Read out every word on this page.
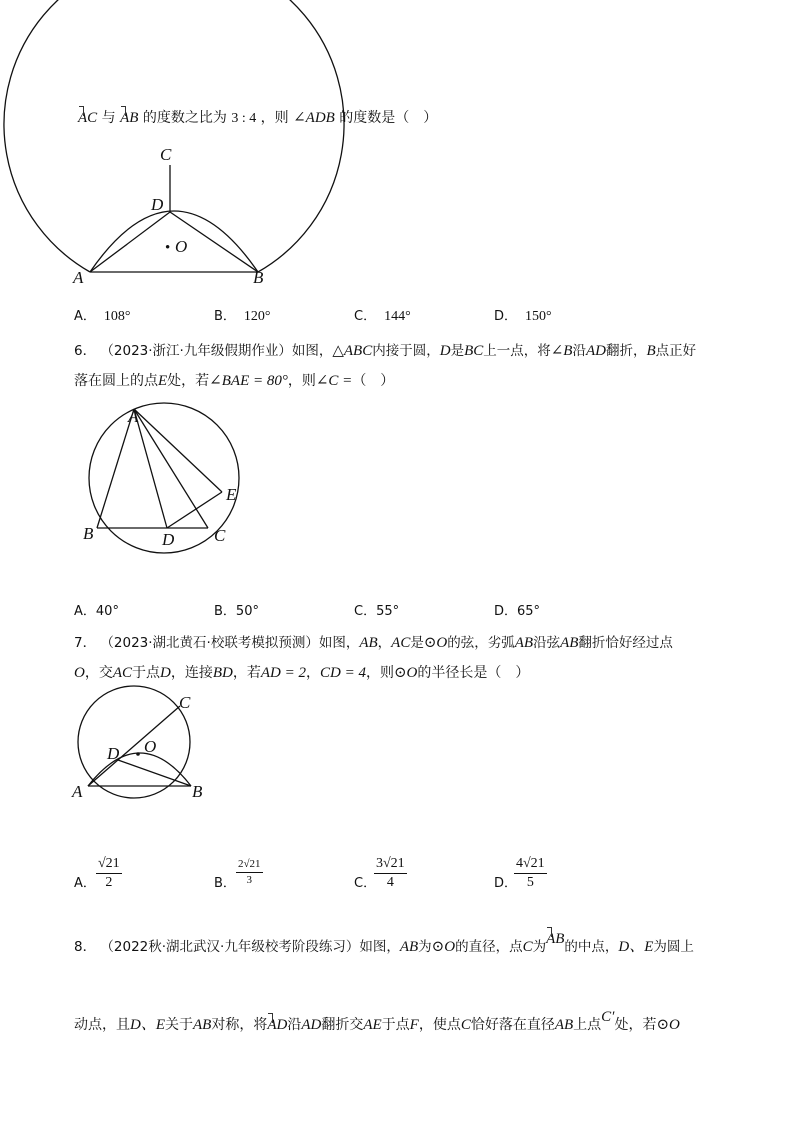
AC 与 AB 的度数之比为 3 : 4 ，则 ∠ADB 的度数是（　）
C
D
• O
A	B
A． 108°	B． 120°	C． 144°	D． 150°
6． （2023·浙江·九年级假期作业）如图，△ABC内接于圆，D是BC上一点，将∠B沿AD翻折，B点正好
落在圆上的点E处，若∠BAE = 80°，则∠C =（　）
A
B	C
D
E
A．40°	B．50°	C．55°	D．65°
7． （2023·湖北黄石·校联考模拟预测）如图，AB，AC是⊙O的弦，劣弧AB沿弦AB翻折恰好经过点
O，交AC于点D，连接BD，若AD = 2，CD = 4，则⊙O的半径长是（　）
C
D O
A	B
A． $\frac{√21}{2}$	B． $\frac{2√21}{3}$	C．
$\frac{3√21}{4}$	D．
$\frac{4√21}{5}$
8． （2022秋·湖北武汉·九年级校考阶段练习）如图，AB为⊙O的直径，点C为AB的中点，D、E为圆上
动点，且D、E关于AB对称，将AD沿AD翻折交AE于点F，使点C恰好落在直径AB上点C′处，若⊙O
